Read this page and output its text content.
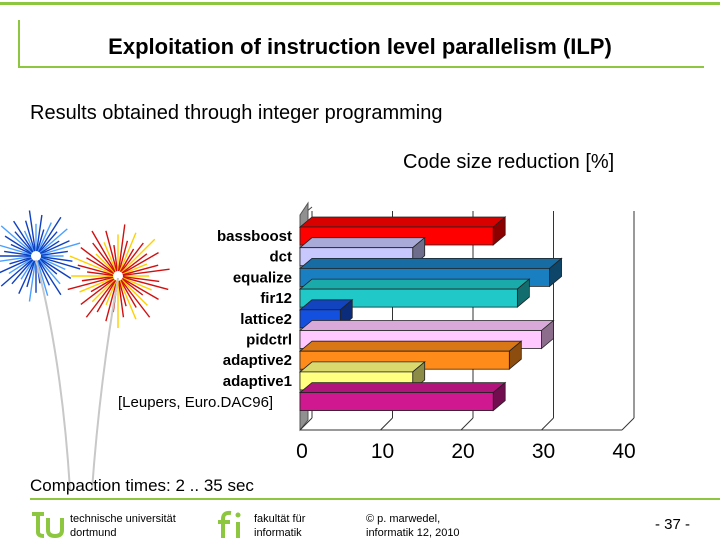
Exploitation of instruction level parallelism (ILP)
Results obtained through integer programming
Code size reduction [%]
bassboost
dct
equalize
fir12
lattice2
pidctrl
adaptive2
adaptive1
0	10	20	30	40
[Leupers, Euro.DAC96]
Compaction times: 2 .. 35 sec
technische universität
dortmund
fakultät für
informatik
© p. marwedel,
informatik 12, 2010	- 37 -
